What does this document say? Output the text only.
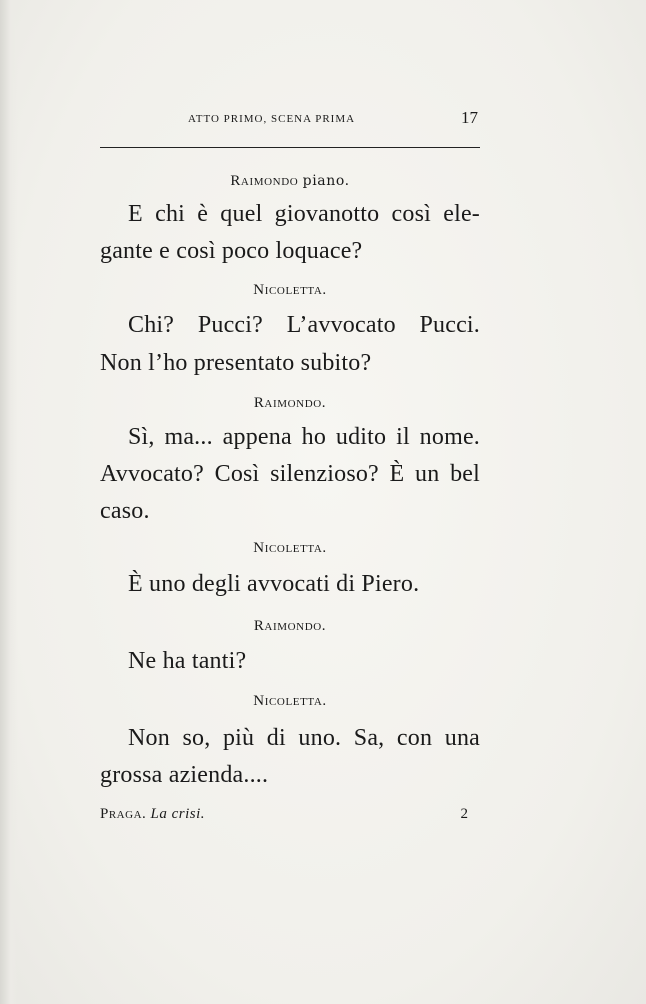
ATTO PRIMO, SCENA PRIMA	17
Raimondo piano.
E chi è quel giovanotto così ele-
gante e così poco loquace?
Nicoletta.
Chi? Pucci? L’avvocato Pucci.
Non l’ho presentato subito?
Raimondo.
Sì, ma... appena ho udito il nome.
Avvocato? Così silenzioso? È un bel
caso.
Nicoletta.
È uno degli avvocati di Piero.
Raimondo.
Ne ha tanti?
Nicoletta.
Non so, più di uno. Sa, con una
grossa azienda....
Praga. La crisi.	2
